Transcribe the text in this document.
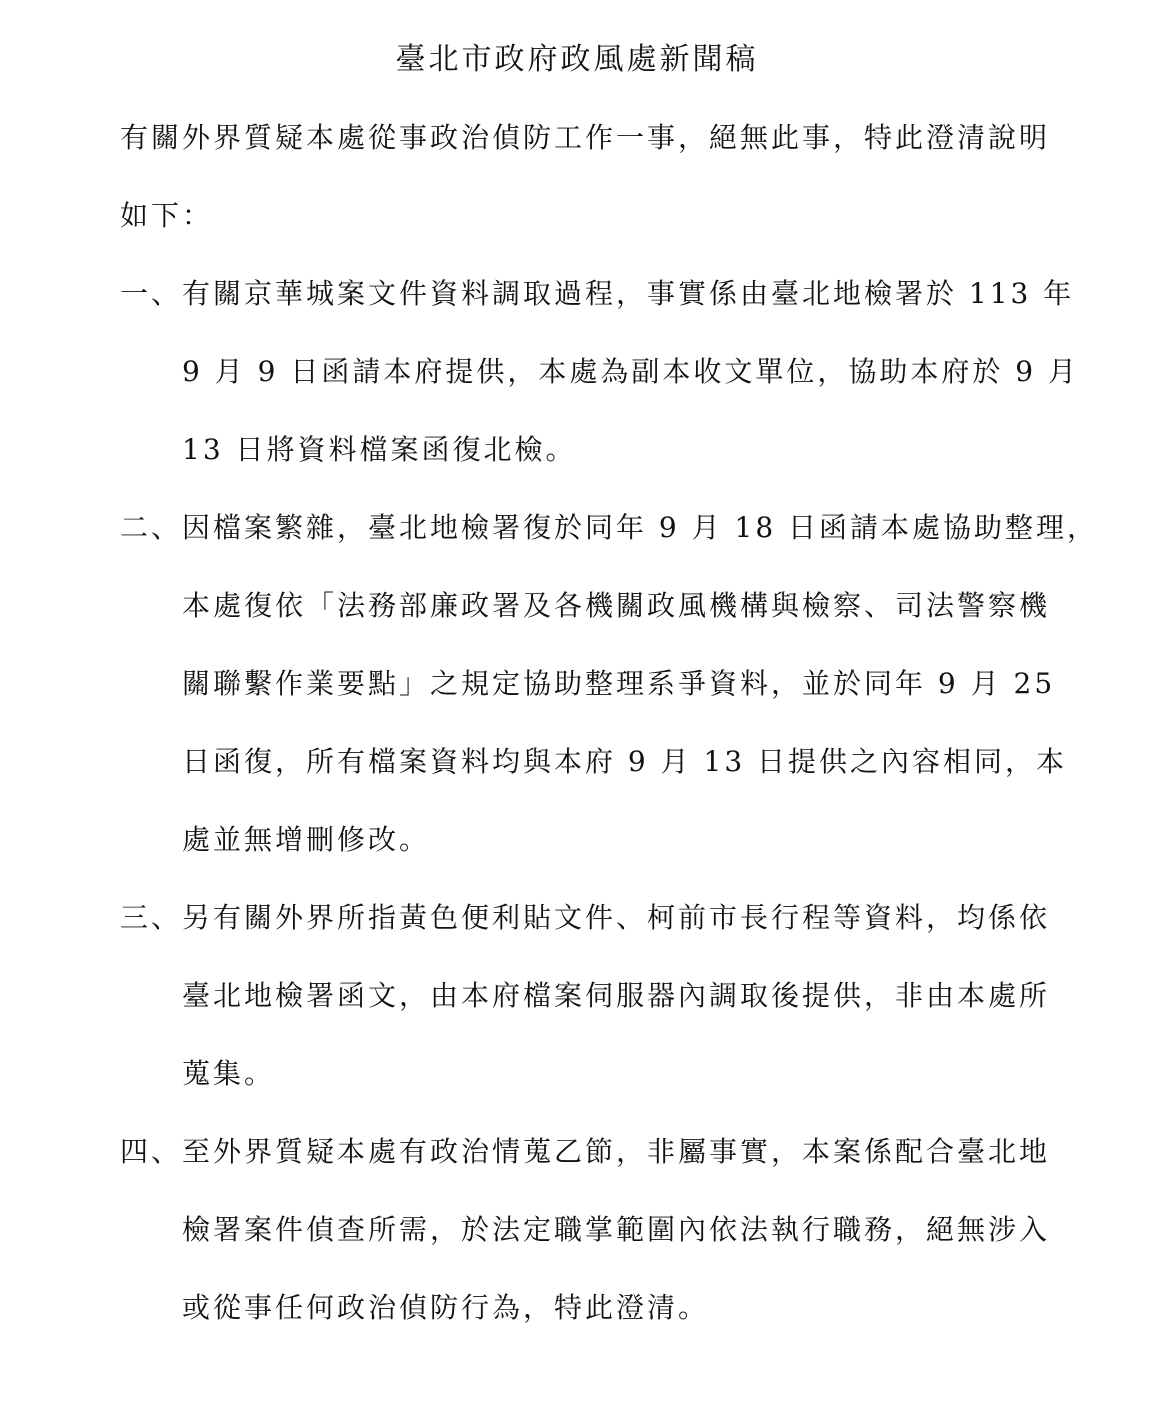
臺北市政府政風處新聞稿
有關外界質疑本處從事政治偵防工作一事，絕無此事，特此澄清說明
如下：
一、有關京華城案文件資料調取過程，事實係由臺北地檢署於 113 年
9 月 9 日函請本府提供，本處為副本收文單位，協助本府於 9 月
13 日將資料檔案函復北檢。
二、因檔案繁雜，臺北地檢署復於同年 9 月 18 日函請本處協助整理，
本處復依「法務部廉政署及各機關政風機構與檢察、司法警察機
關聯繫作業要點」之規定協助整理系爭資料，並於同年 9 月 25
日函復，所有檔案資料均與本府 9 月 13 日提供之內容相同，本
處並無增刪修改。
三、另有關外界所指黃色便利貼文件、柯前市長行程等資料，均係依
臺北地檢署函文，由本府檔案伺服器內調取後提供，非由本處所
蒐集。
四、至外界質疑本處有政治情蒐乙節，非屬事實，本案係配合臺北地
檢署案件偵查所需，於法定職掌範圍內依法執行職務，絕無涉入
或從事任何政治偵防行為，特此澄清。
